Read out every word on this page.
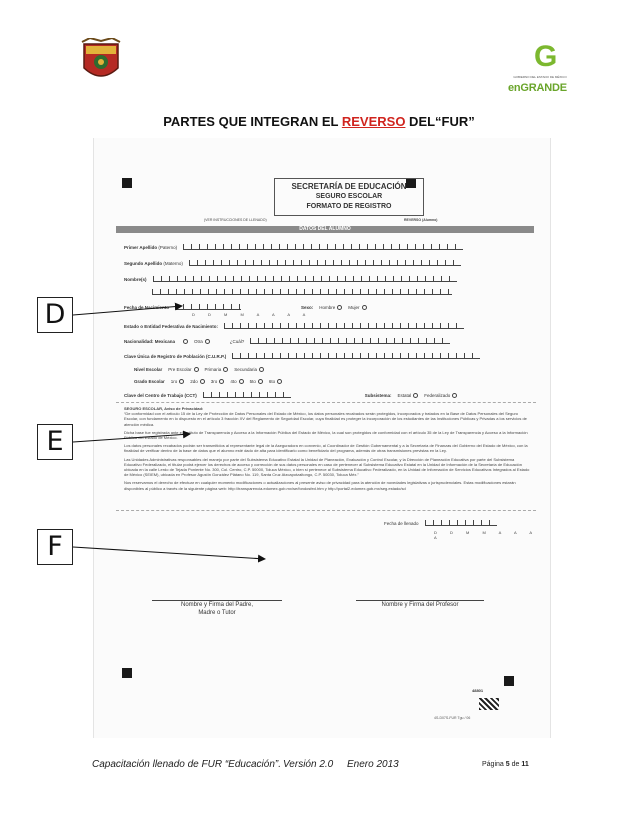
G
GOBIERNO DEL ESTADO DE MÉXICO
enGRANDE
PARTES QUE INTEGRAN EL REVERSO DEL“FUR”
SECRETARÍA DE EDUCACIÓN
SEGURO ESCOLAR
FORMATO DE REGISTRO
(VER INSTRUCCIONES DE LLENADO)	REVERSO (Alumno)
DATOS DEL ALUMNO
Primer Apellido (Paterno)
Segundo Apellido (Materno)
Nombre(s)
Fecha de Nacimiento	Sexo: Hombre	Mujer
D D M M A A A A
Estado o Entidad Federativa de Nacimiento:
Nacionalidad: Mexicana	Otra	¿Cuál?
Clave Única de Registro de Población (C.U.R.P.)
Nivel Escolar Pre Escolar	Primaria	Secundaria
Grado Escolar 1ro	2do	3ro	4to	5to	6to
Clave del Centro de Trabajo (CCT)	Subsistema: Estatal	Federalizado
SEGURO ESCOLAR, Aviso de Privacidad:

“De conformidad con el artículo 15 de la Ley de Protección de Datos Personales del Estado de México, los datos personales recabados serán protegidos, incorporados y tratados en la Base de Datos Personales del Seguro Escolar, con fundamento en lo dispuesto en el artículo 3 fracción XV del Reglamento de Seguridad Escolar, cuya finalidad es proteger la incorporación de los estudiantes de las Instituciones Públicas y Privadas a los servicios de atención médica.

Dicha base fue registrada ante el Instituto de Transparencia y Acceso a la Información Pública del Estado de México, la cual son protegidos de conformidad con el artículo 35 de la Ley de Transparencia y Acceso a la Información Pública del Estado de México.

Los datos personales recabados podrán ser transmitidos al representante legal de la Aseguradora en convenio, al Coordinador de Gestión Gubernamental y a la Secretaría de Finanzas del Gobierno del Estado de México, con la finalidad de verificar dentro de la base de datos que el alumno esté dado de alta para identificarlo como beneficiario del programa, además de otras transmisiones previstas en la Ley.

Las Unidades Administrativas responsables del manejo por parte del Subsistema Educativo Estatal la Unidad de Planeación, Evaluación y Control Escolar, y la Dirección de Planeación Educativa por parte del Subsistema Educativo Federalizado, el titular podrá ejercer los derechos de acceso y corrección de sus datos personales en caso de pertenecer al Subsistema Educativo Estatal en la Unidad de Información de la Secretaría de Educación ubicada en la calle Lerdo de Tejada Poniente No. 300, Col. Centro, C.P. 50000, Toluca México, o bien si pertenece al Subsistema Educativo Federalizado, en la Unidad de Información de Servicios Educativos Integrados al Estado de México (SEIEM), ubicada en Profesor Agustín González Plátano No. 119, Santa Cruz Atzcapotzaltongo, C.P. 50030, Toluca Méx.”

Nos reservamos el derecho de efectuar en cualquier momento modificaciones o actualizaciones al presente aviso de privacidad para la atención de novedades legislativas o jurisprudenciales. Estas modificaciones estarán disponibles al público a través de la siguiente página web: http://transparencia.edomex.gob.mx/se/fondosfed.htm y http://portal2.edomex.gob.mx/seg.estado/sd

Fecha de llenado
D D M M A A A A
Nombre y Firma del Padre,
Madre o Tutor
Nombre y Firma del Profesor
48801
4S-D07S-FUR Tgu / 06
D
E
F
Capacitación llenado de FUR “Educación”. Versión 2.0 Enero 2013	Página 5 de 11
